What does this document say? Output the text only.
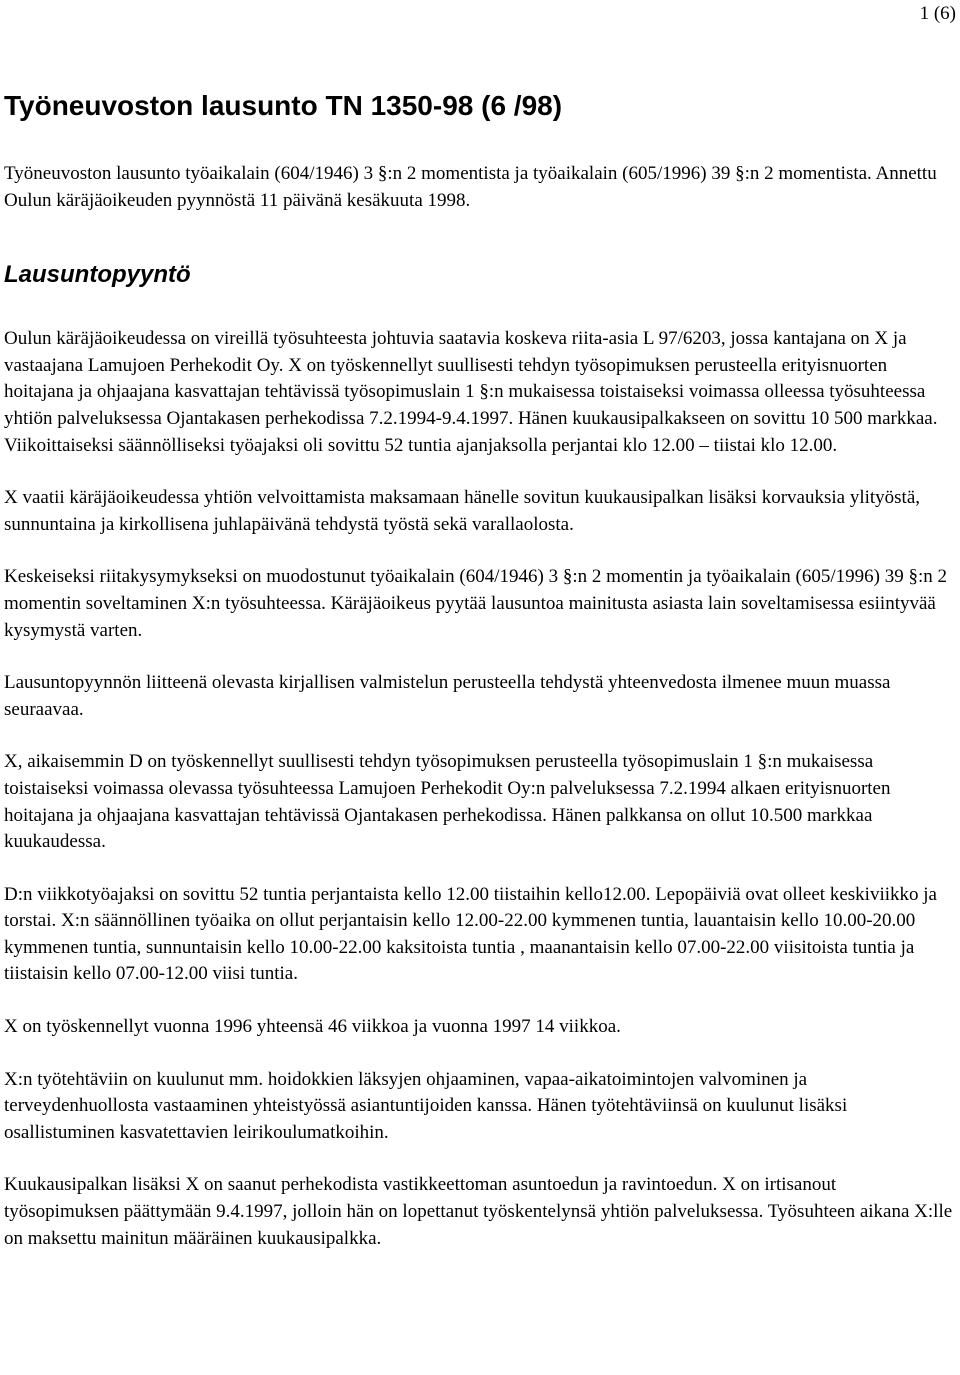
1 (6)
Työneuvoston lausunto TN 1350-98 (6 /98)

Työneuvoston lausunto työaikalain (604/1946) 3 §:n 2 momentista ja työaikalain (605/1996) 39 §:n 2 momentista. Annettu Oulun käräjäoikeuden pyynnöstä 11 päivänä kesäkuuta 1998.

Lausuntopyyntö

Oulun käräjäoikeudessa on vireillä työsuhteesta johtuvia saatavia koskeva riita-asia L 97/6203, jossa kantajana on X ja vastaajana Lamujoen Perhekodit Oy. X on työskennellyt suullisesti tehdyn työsopimuksen perusteella erityisnuorten hoitajana ja ohjaajana kasvattajan tehtävissä työsopimuslain 1 §:n mukaisessa toistaiseksi voimassa olleessa työsuhteessa yhtiön palveluksessa Ojantakasen perhekodissa 7.2.1994-9.4.1997. Hänen kuukausipalkakseen on sovittu 10 500 markkaa. Viikoittaiseksi säännölliseksi työajaksi oli sovittu 52 tuntia ajanjaksolla perjantai klo 12.00 – tiistai klo 12.00.

X vaatii käräjäoikeudessa yhtiön velvoittamista maksamaan hänelle sovitun kuukausipalkan lisäksi korvauksia ylityöstä, sunnuntaina ja kirkollisena juhlapäivänä tehdystä työstä sekä varallaolosta.

Keskeiseksi riitakysymykseksi on muodostunut työaikalain (604/1946) 3 §:n 2 momentin ja työaikalain (605/1996) 39 §:n 2 momentin soveltaminen X:n työsuhteessa. Käräjäoikeus pyytää lausuntoa mainitusta asiasta lain soveltamisessa esiintyvää kysymystä varten.

Lausuntopyynnön liitteenä olevasta kirjallisen valmistelun perusteella tehdystä yhteenvedosta ilmenee muun muassa seuraavaa.

X, aikaisemmin D on työskennellyt suullisesti tehdyn työsopimuksen perusteella työsopimuslain 1 §:n mukaisessa toistaiseksi voimassa olevassa työsuhteessa Lamujoen Perhekodit Oy:n palveluksessa 7.2.1994 alkaen erityisnuorten hoitajana ja ohjaajana kasvattajan tehtävissä Ojantakasen perhekodissa. Hänen palkkansa on ollut 10.500 markkaa kuukaudessa.

D:n viikkotyöajaksi on sovittu 52 tuntia perjantaista kello 12.00 tiistaihin kello12.00. Lepopäiviä ovat olleet keskiviikko ja torstai. X:n säännöllinen työaika on ollut perjantaisin kello 12.00-22.00 kymmenen tuntia, lauantaisin kello 10.00-20.00 kymmenen tuntia, sunnuntaisin kello 10.00-22.00 kaksitoista tuntia , maanantaisin kello 07.00-22.00 viisitoista tuntia ja tiistaisin kello 07.00-12.00 viisi tuntia.

X on työskennellyt vuonna 1996 yhteensä 46 viikkoa ja vuonna 1997 14 viikkoa.

X:n työtehtäviin on kuulunut mm. hoidokkien läksyjen ohjaaminen, vapaa-aikatoimintojen valvominen ja terveydenhuollosta vastaaminen yhteistyössä asiantuntijoiden kanssa. Hänen työtehtäviinsä on kuulunut lisäksi osallistuminen kasvatettavien leirikoulumatkoihin.

Kuukausipalkan lisäksi X on saanut perhekodista vastikkeettoman asuntoedun ja ravintoedun. X on irtisanout työsopimuksen päättymään 9.4.1997, jolloin hän on lopettanut työskentelynsä yhtiön palveluksessa. Työsuhteen aikana X:lle on maksettu mainitun määräinen kuukausipalkka.
